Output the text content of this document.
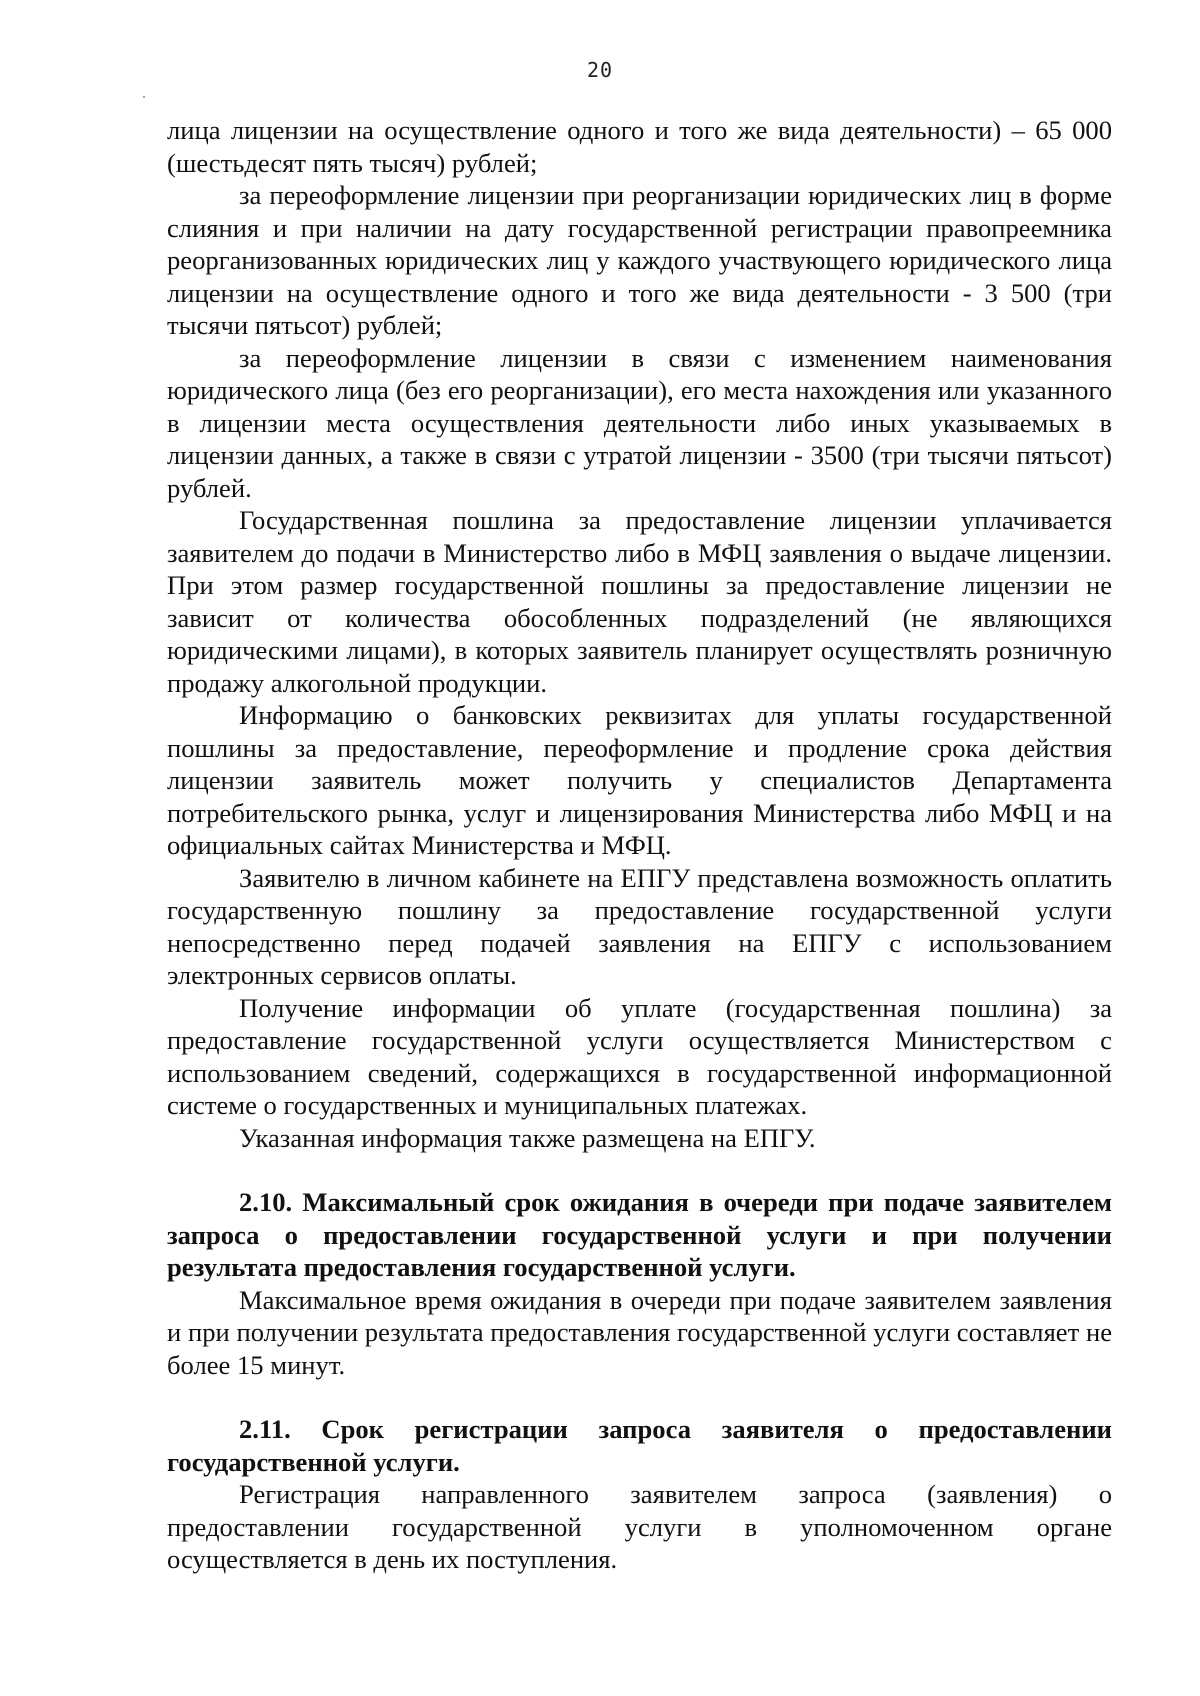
20

лица лицензии на осуществление одного и того же вида деятельности) – 65 000 (шестьдесят пять тысяч) рублей;

за переоформление лицензии при реорганизации юридических лиц в форме слияния и при наличии на дату государственной регистрации правопреемника реорганизованных юридических лиц у каждого участвующего юридического лица лицензии на осуществление одного и того же вида деятельности - 3 500 (три тысячи пятьсот) рублей;

за переоформление лицензии в связи с изменением наименования юридического лица (без его реорганизации), его места нахождения или указанного в лицензии места осуществления деятельности либо иных указываемых в лицензии данных, а также в связи с утратой лицензии - 3500 (три тысячи пятьсот) рублей.

Государственная пошлина за предоставление лицензии уплачивается заявителем до подачи в Министерство либо в МФЦ заявления о выдаче лицензии. При этом размер государственной пошлины за предоставление лицензии не зависит от количества обособленных подразделений (не являющихся юридическими лицами), в которых заявитель планирует осуществлять розничную продажу алкогольной продукции.

Информацию о банковских реквизитах для уплаты государственной пошлины за предоставление, переоформление и продление срока действия лицензии заявитель может получить у специалистов Департамента потребительского рынка, услуг и лицензирования Министерства либо МФЦ и на официальных сайтах Министерства и МФЦ.

Заявителю в личном кабинете на ЕПГУ представлена возможность оплатить государственную пошлину за предоставление государственной услуги непосредственно перед подачей заявления на ЕПГУ с использованием электронных сервисов оплаты.

Получение информации об уплате (государственная пошлина) за предоставление государственной услуги осуществляется Министерством с использованием сведений, содержащихся в государственной информационной системе о государственных и муниципальных платежах.

Указанная информация также размещена на ЕПГУ.

2.10. Максимальный срок ожидания в очереди при подаче заявителем запроса о предоставлении государственной услуги и при получении результата предоставления государственной услуги.

Максимальное время ожидания в очереди при подаче заявителем заявления и при получении результата предоставления государственной услуги составляет не более 15 минут.

2.11. Срок регистрации запроса заявителя о предоставлении государственной услуги.

Регистрация направленного заявителем запроса (заявления) о предоставлении государственной услуги в уполномоченном органе осуществляется в день их поступления.
